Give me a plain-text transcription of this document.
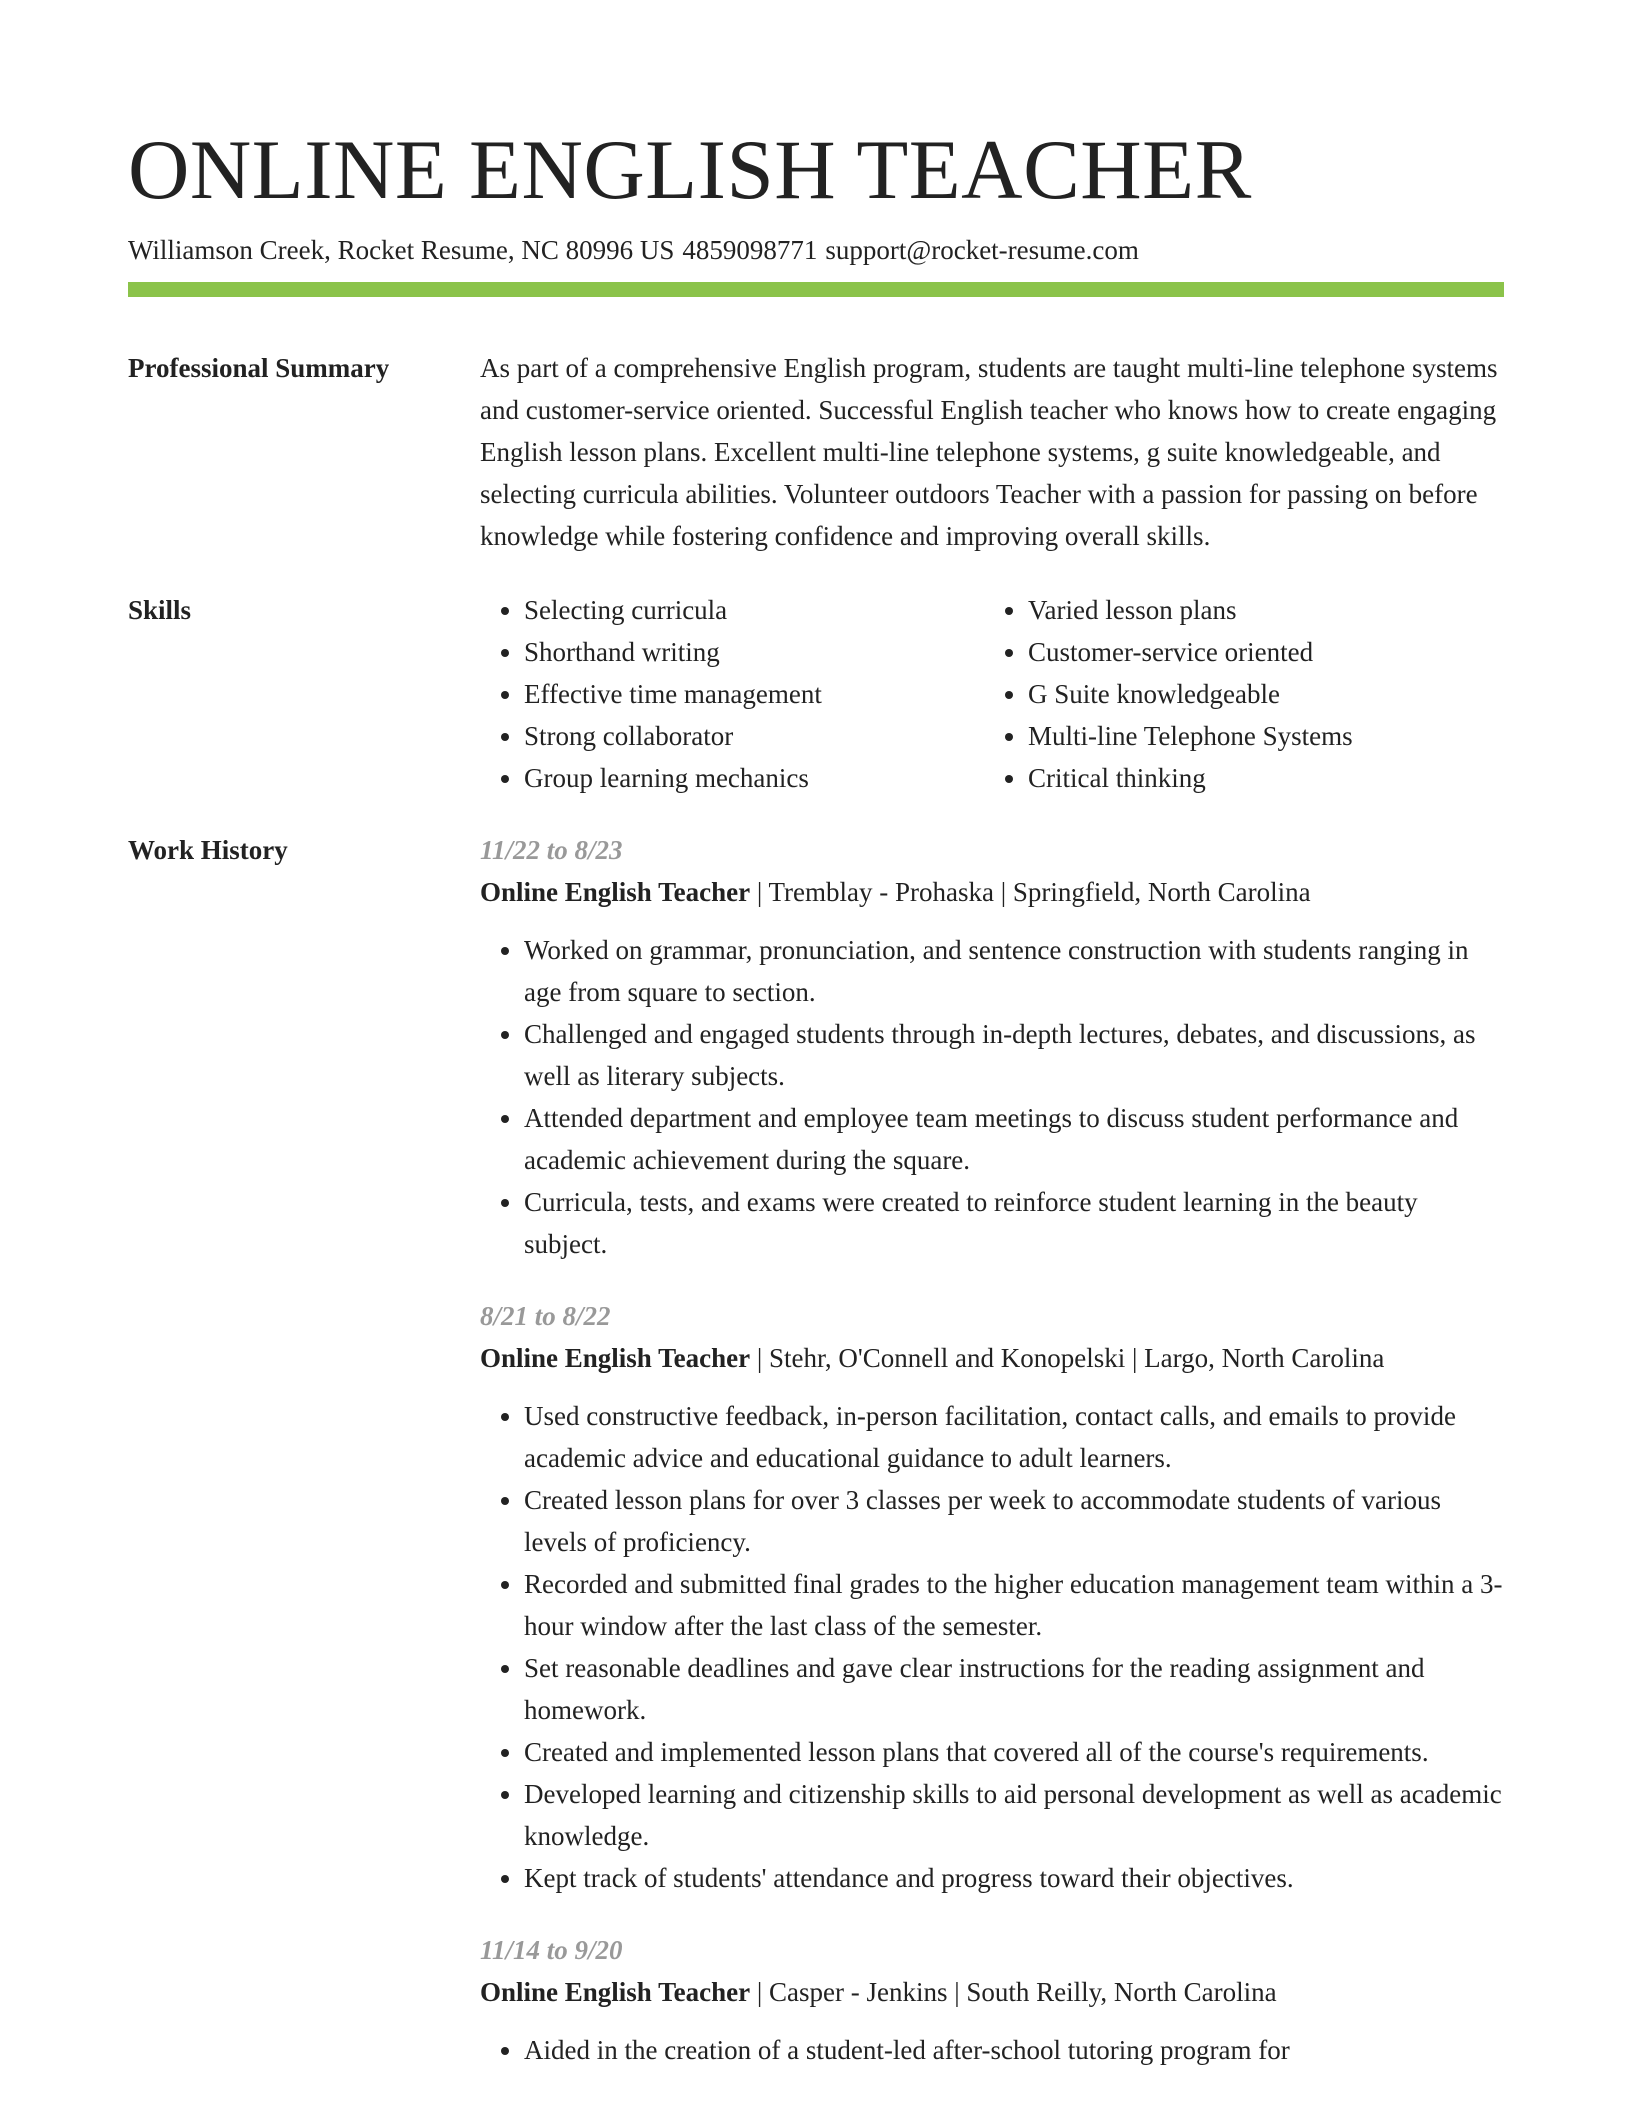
ONLINE ENGLISH TEACHER
Williamson Creek, Rocket Resume, NC 80996 US 4859098771 support@rocket-resume.com
Professional Summary	As part of a comprehensive English program, students are taught multi-line telephone systems and customer-service oriented. Successful English teacher who knows how to create engaging English lesson plans. Excellent multi-line telephone systems, g suite knowledgeable, and selecting curricula abilities. Volunteer outdoors Teacher with a passion for passing on before knowledge while fostering confidence and improving overall skills.
Skills
•	Selecting curricula
• Shorthand writing
• Effective time management
• Strong collaborator
• Group learning mechanics
• Varied lesson plans
• Customer-service oriented
• G Suite knowledgeable
• Multi-line Telephone Systems
• Critical thinking
Work History	11/22 to 8/23
Online English Teacher | Tremblay - Prohaska | Springfield, North Carolina
• Worked on grammar, pronunciation, and sentence construction with students ranging in age from square to section.
• Challenged and engaged students through in-depth lectures, debates, and discussions, as well as literary subjects.
• Attended department and employee team meetings to discuss student performance and academic achievement during the square.
• Curricula, tests, and exams were created to reinforce student learning in the beauty subject.
8/21 to 8/22
Online English Teacher | Stehr, O'Connell and Konopelski | Largo, North Carolina
• Used constructive feedback, in-person facilitation, contact calls, and emails to provide academic advice and educational guidance to adult learners.
• Created lesson plans for over 3 classes per week to accommodate students of various levels of proficiency.
• Recorded and submitted final grades to the higher education management team within a 3-hour window after the last class of the semester.
• Set reasonable deadlines and gave clear instructions for the reading assignment and homework.
• Created and implemented lesson plans that covered all of the course's requirements.
• Developed learning and citizenship skills to aid personal development as well as academic knowledge.
• Kept track of students' attendance and progress toward their objectives.
11/14 to 9/20
Online English Teacher | Casper - Jenkins | South Reilly, North Carolina
• Aided in the creation of a student-led after-school tutoring program for
